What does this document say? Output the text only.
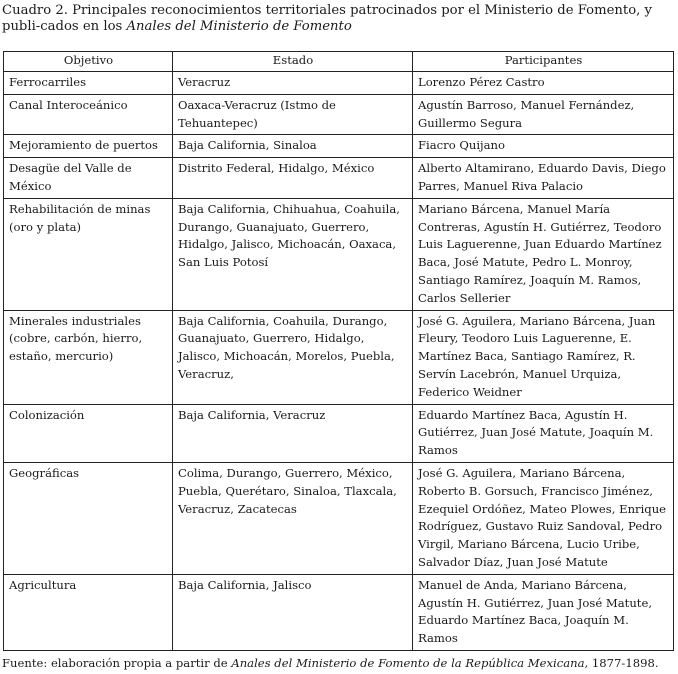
Cuadro 2. Principales reconocimientos territoriales patrocinados por el Ministerio de Fomento, y publi-cados en los Anales del Ministerio de Fomento
Objetivo	Estado	Participantes
Ferrocarriles	Veracruz	Lorenzo Pérez Castro
Canal Interoceánico	Oaxaca-Veracruz (Istmo de Tehuantepec)	Agustín Barroso, Manuel Fernández, Guillermo Segura
Mejoramiento de puertos	Baja California, Sinaloa	Fiacro Quijano
Desagüe del Valle de México	Distrito Federal, Hidalgo, México	Alberto Altamirano, Eduardo Davis, Diego Parres, Manuel Riva Palacio
Rehabilitación de minas (oro y plata)	Baja California, Chihuahua, Coahuila, Durango, Guanajuato, Guerrero, Hidalgo, Jalisco, Michoacán, Oaxaca, San Luis Potosí	Mariano Bárcena, Manuel María Contreras, Agustín H. Gutiérrez, Teodoro Luis Laguerenne, Juan Eduardo Martínez Baca, José Matute, Pedro L. Monroy, Santiago Ramírez, Joaquín M. Ramos, Carlos Sellerier
Minerales industriales (cobre, carbón, hierro, estaño, mercurio)	Baja California, Coahuila, Durango, Guanajuato, Guerrero, Hidalgo, Jalisco, Michoacán, Morelos, Puebla, Veracruz,	José G. Aguilera, Mariano Bárcena, Juan Fleury, Teodoro Luis Laguerenne, E. Martínez Baca, Santiago Ramírez, R. Servín Lacebrón, Manuel Urquiza, Federico Weidner
Colonización	Baja California, Veracruz	Eduardo Martínez Baca, Agustín H. Gutiérrez, Juan José Matute, Joaquín M. Ramos
Geográficas	Colima, Durango, Guerrero, México, Puebla, Querétaro, Sinaloa, Tlaxcala, Veracruz, Zacatecas	José G. Aguilera, Mariano Bárcena, Roberto B. Gorsuch, Francisco Jiménez, Ezequiel Ordóñez, Mateo Plowes, Enrique Rodríguez, Gustavo Ruiz Sandoval, Pedro Virgil, Mariano Bárcena, Lucio Uribe, Salvador Díaz, Juan José Matute
Agricultura	Baja California, Jalisco	Manuel de Anda, Mariano Bárcena, Agustín H. Gutiérrez, Juan José Matute, Eduardo Martínez Baca, Joaquín M. Ramos
Fuente: elaboración propia a partir de Anales del Ministerio de Fomento de la República Mexicana, 1877-1898.
